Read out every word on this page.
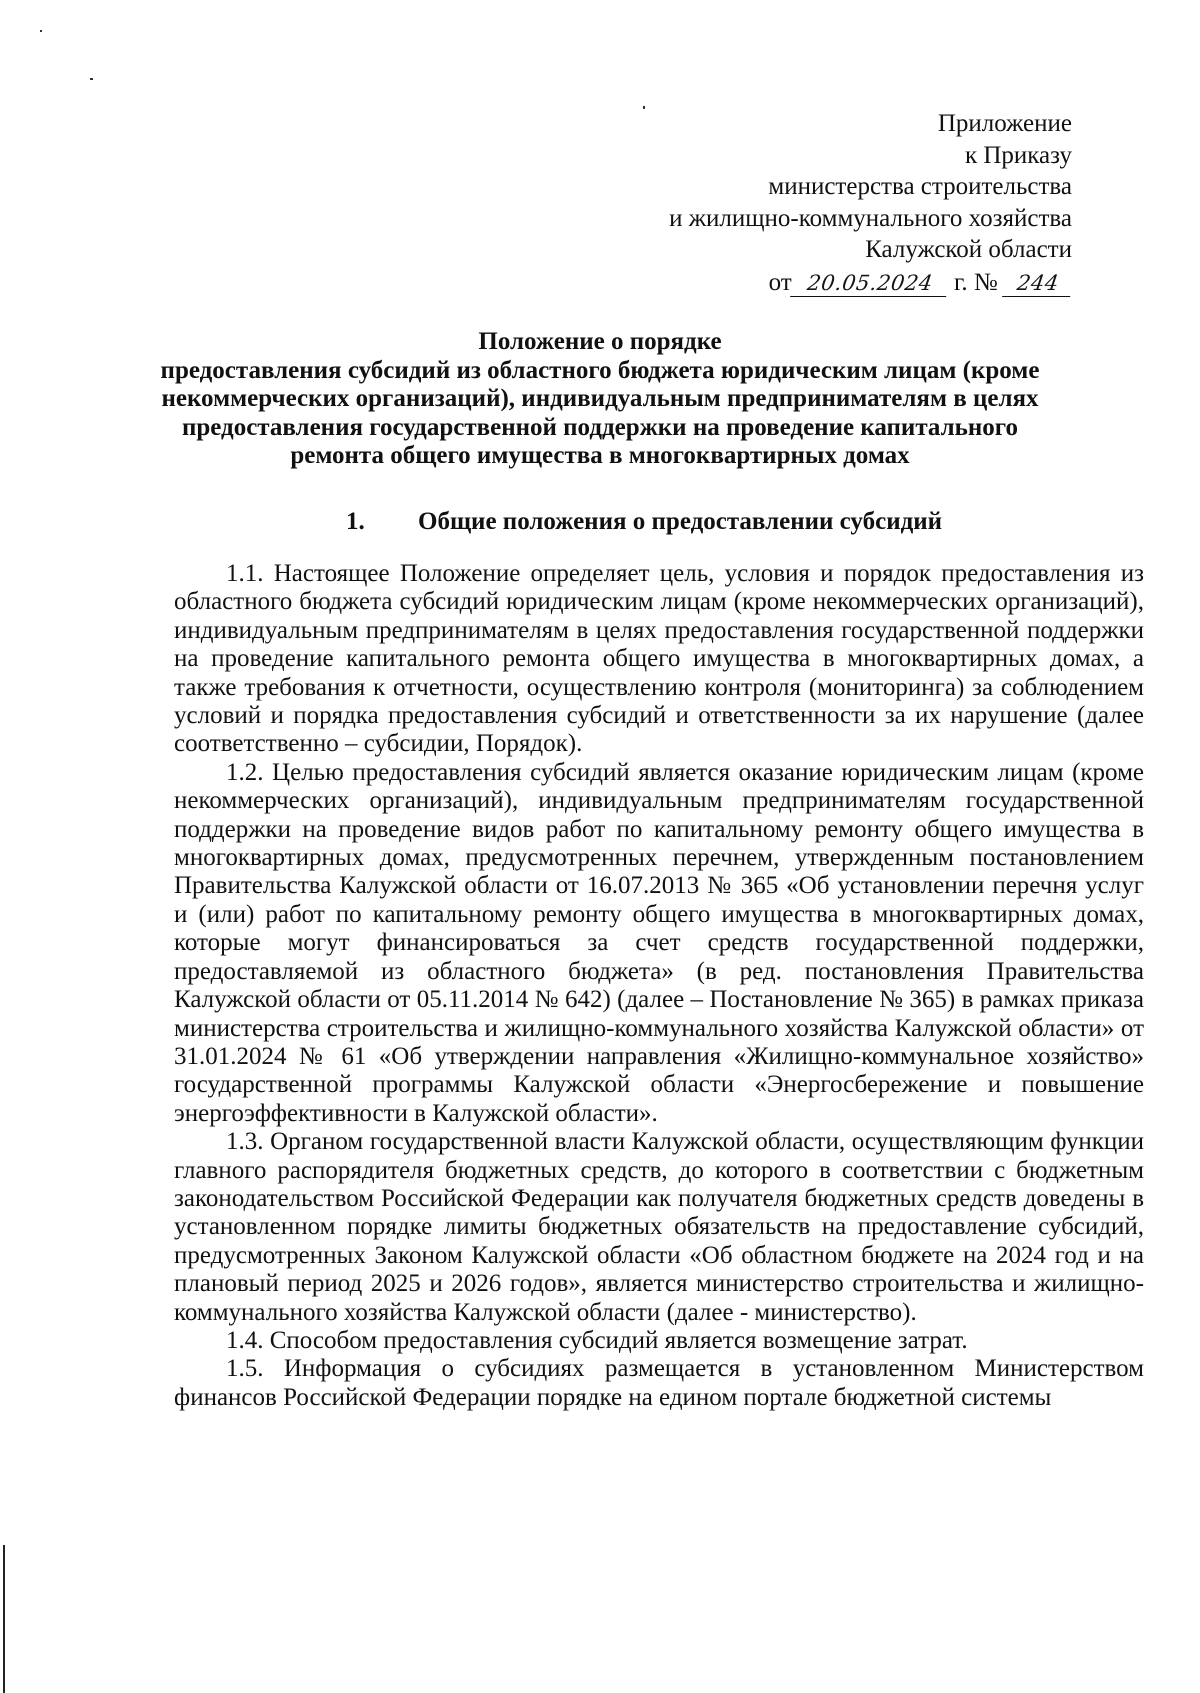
Приложение
к Приказу
министерства строительства
и жилищно-коммунального хозяйства
Калужской области
от 20.05.2024 г. № 244
Положение о порядке
предоставления субсидий из областного бюджета юридическим лицам (кроме
некоммерческих организаций), индивидуальным предпринимателям в целях
предоставления государственной поддержки на проведение капитального
ремонта общего имущества в многоквартирных домах
1. Общие положения о предоставлении субсидий

1.1. Настоящее Положение определяет цель, условия и порядок предоставления из областного бюджета субсидий юридическим лицам (кроме некоммерческих организаций), индивидуальным предпринимателям в целях предоставления государственной поддержки на проведение капитального ремонта общего имущества в многоквартирных домах, а также требования к отчетности, осуществлению контроля (мониторинга) за соблюдением условий и порядка предоставления субсидий и ответственности за их нарушение (далее соответственно – субсидии, Порядок).

1.2. Целью предоставления субсидий является оказание юридическим лицам (кроме некоммерческих организаций), индивидуальным предпринимателям государственной поддержки на проведение видов работ по капитальному ремонту общего имущества в многоквартирных домах, предусмотренных перечнем, утвержденным постановлением Правительства Калужской области от 16.07.2013 № 365 «Об установлении перечня услуг и (или) работ по капитальному ремонту общего имущества в многоквартирных домах, которые могут финансироваться за счет средств государственной поддержки, предоставляемой из областного бюджета» (в ред. постановления Правительства Калужской области от 05.11.2014 № 642) (далее – Постановление № 365) в рамках приказа министерства строительства и жилищно-коммунального хозяйства Калужской области» от 31.01.2024 № 61 «Об утверждении направления «Жилищно-коммунальное хозяйство» государственной программы Калужской области «Энергосбережение и повышение энергоэффективности в Калужской области».

1.3. Органом государственной власти Калужской области, осуществляющим функции главного распорядителя бюджетных средств, до которого в соответствии с бюджетным законодательством Российской Федерации как получателя бюджетных средств доведены в установленном порядке лимиты бюджетных обязательств на предоставление субсидий, предусмотренных Законом Калужской области «Об областном бюджете на 2024 год и на плановый период 2025 и 2026 годов», является министерство строительства и жилищно-коммунального хозяйства Калужской области (далее - министерство).

1.4. Способом предоставления субсидий является возмещение затрат.

1.5. Информация о субсидиях размещается в установленном Министерством финансов Российской Федерации порядке на едином портале бюджетной системы
